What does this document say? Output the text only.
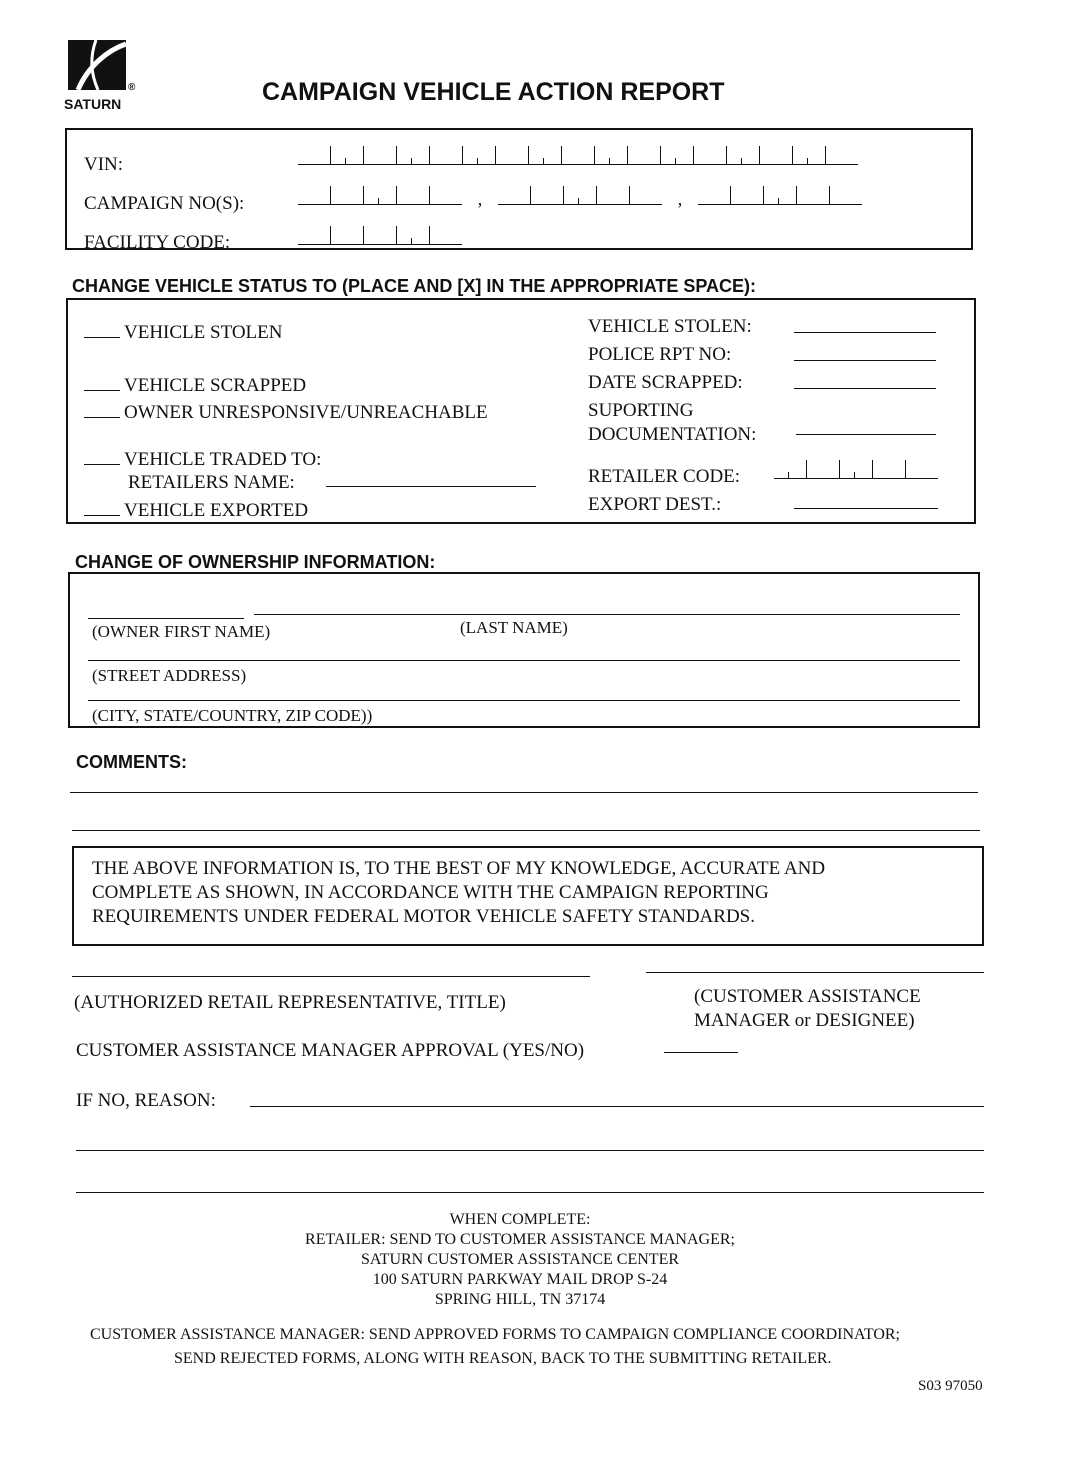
SATURN
®	CAMPAIGN VEHICLE ACTION REPORT
VIN:
CAMPAIGN NO(S):	,	,
FACILITY CODE:
CHANGE VEHICLE STATUS TO (PLACE AND [X] IN THE APPROPRIATE SPACE):
VEHICLE STOLEN
VEHICLE SCRAPPED
OWNER UNRESPONSIVE/UNREACHABLE
VEHICLE TRADED TO:
RETAILERS NAME:
VEHICLE EXPORTED
VEHICLE STOLEN:
POLICE RPT NO:
DATE SCRAPPED:
SUPORTING
DOCUMENTATION:
RETAILER CODE:
EXPORT DEST.:
CHANGE OF OWNERSHIP INFORMATION:
(OWNER FIRST NAME)	(LAST NAME)
(STREET ADDRESS)
(CITY, STATE/COUNTRY, ZIP CODE))
COMMENTS:
THE ABOVE INFORMATION IS, TO THE BEST OF MY KNOWLEDGE, ACCURATE AND
COMPLETE AS SHOWN, IN ACCORDANCE WITH THE CAMPAIGN REPORTING
REQUIREMENTS UNDER FEDERAL MOTOR VEHICLE SAFETY STANDARDS.
(AUTHORIZED RETAIL REPRESENTATIVE, TITLE)	(CUSTOMER ASSISTANCE
MANAGER or DESIGNEE)
CUSTOMER ASSISTANCE MANAGER APPROVAL (YES/NO)
IF NO, REASON:
WHEN COMPLETE:
RETAILER: SEND TO CUSTOMER ASSISTANCE MANAGER;
SATURN CUSTOMER ASSISTANCE CENTER
100 SATURN PARKWAY MAIL DROP S-24
SPRING HILL, TN 37174
CUSTOMER ASSISTANCE MANAGER: SEND APPROVED FORMS TO CAMPAIGN COMPLIANCE COORDINATOR;
SEND REJECTED FORMS, ALONG WITH REASON, BACK TO THE SUBMITTING RETAILER.
S03 97050
